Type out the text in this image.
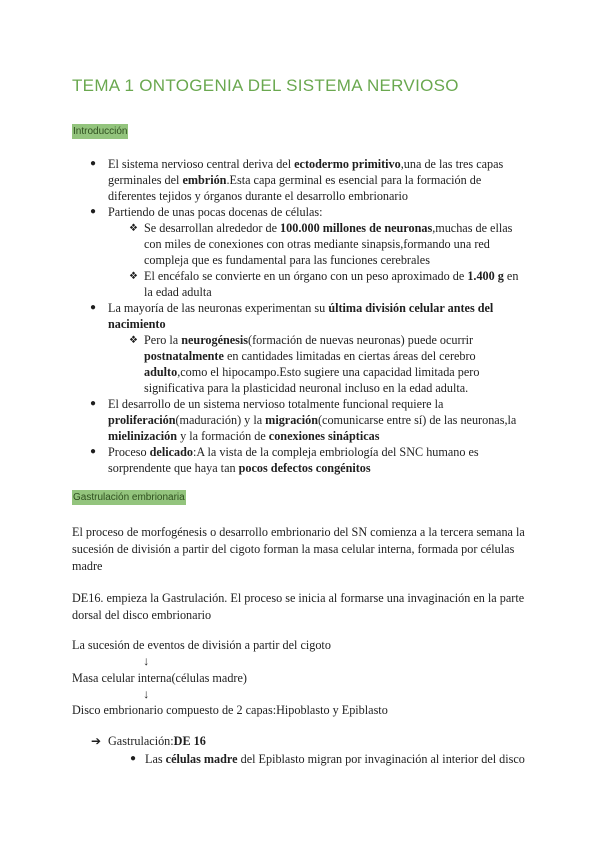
TEMA 1 ONTOGENIA DEL SISTEMA NERVIOSO
Introducción
● El sistema nervioso central deriva del ectodermo primitivo,una de las tres capas
germinales del embrión.Esta capa germinal es esencial para la formación de
diferentes tejidos y órganos durante el desarrollo embrionario
● Partiendo de unas pocas docenas de células:
❖ Se desarrollan alrededor de 100.000 millones de neuronas,muchas de ellas
con miles de conexiones con otras mediante sinapsis,formando una red
compleja que es fundamental para las funciones cerebrales
❖ El encéfalo se convierte en un órgano con un peso aproximado de 1.400 g en
la edad adulta
● La mayoría de las neuronas experimentan su última división celular antes del
nacimiento
❖ Pero la neurogénesis(formación de nuevas neuronas) puede ocurrir
postnatalmente en cantidades limitadas en ciertas áreas del cerebro
adulto,como el hipocampo.Esto sugiere una capacidad limitada pero
significativa para la plasticidad neuronal incluso en la edad adulta.
● El desarrollo de un sistema nervioso totalmente funcional requiere la
proliferación(maduración) y la migración(comunicarse entre sí) de las neuronas,la
mielinización y la formación de conexiones sinápticas
● Proceso delicado:A la vista de la compleja embriología del SNC humano es
sorprendente que haya tan pocos defectos congénitos
Gastrulación embrionaria
El proceso de morfogénesis o desarrollo embrionario del SN comienza a la tercera semana la
sucesión de división a partir del cigoto forman la masa celular interna, formada por células
madre
DE16. empieza la Gastrulación. El proceso se inicia al formarse una invaginación en la parte
dorsal del disco embrionario
La sucesión de eventos de división a partir del cigoto
↓
Masa celular interna(células madre)
↓
Disco embrionario compuesto de 2 capas:Hipoblasto y Epiblasto
➔ Gastrulación:DE 16
● Las células madre del Epiblasto migran por invaginación al interior del disco
